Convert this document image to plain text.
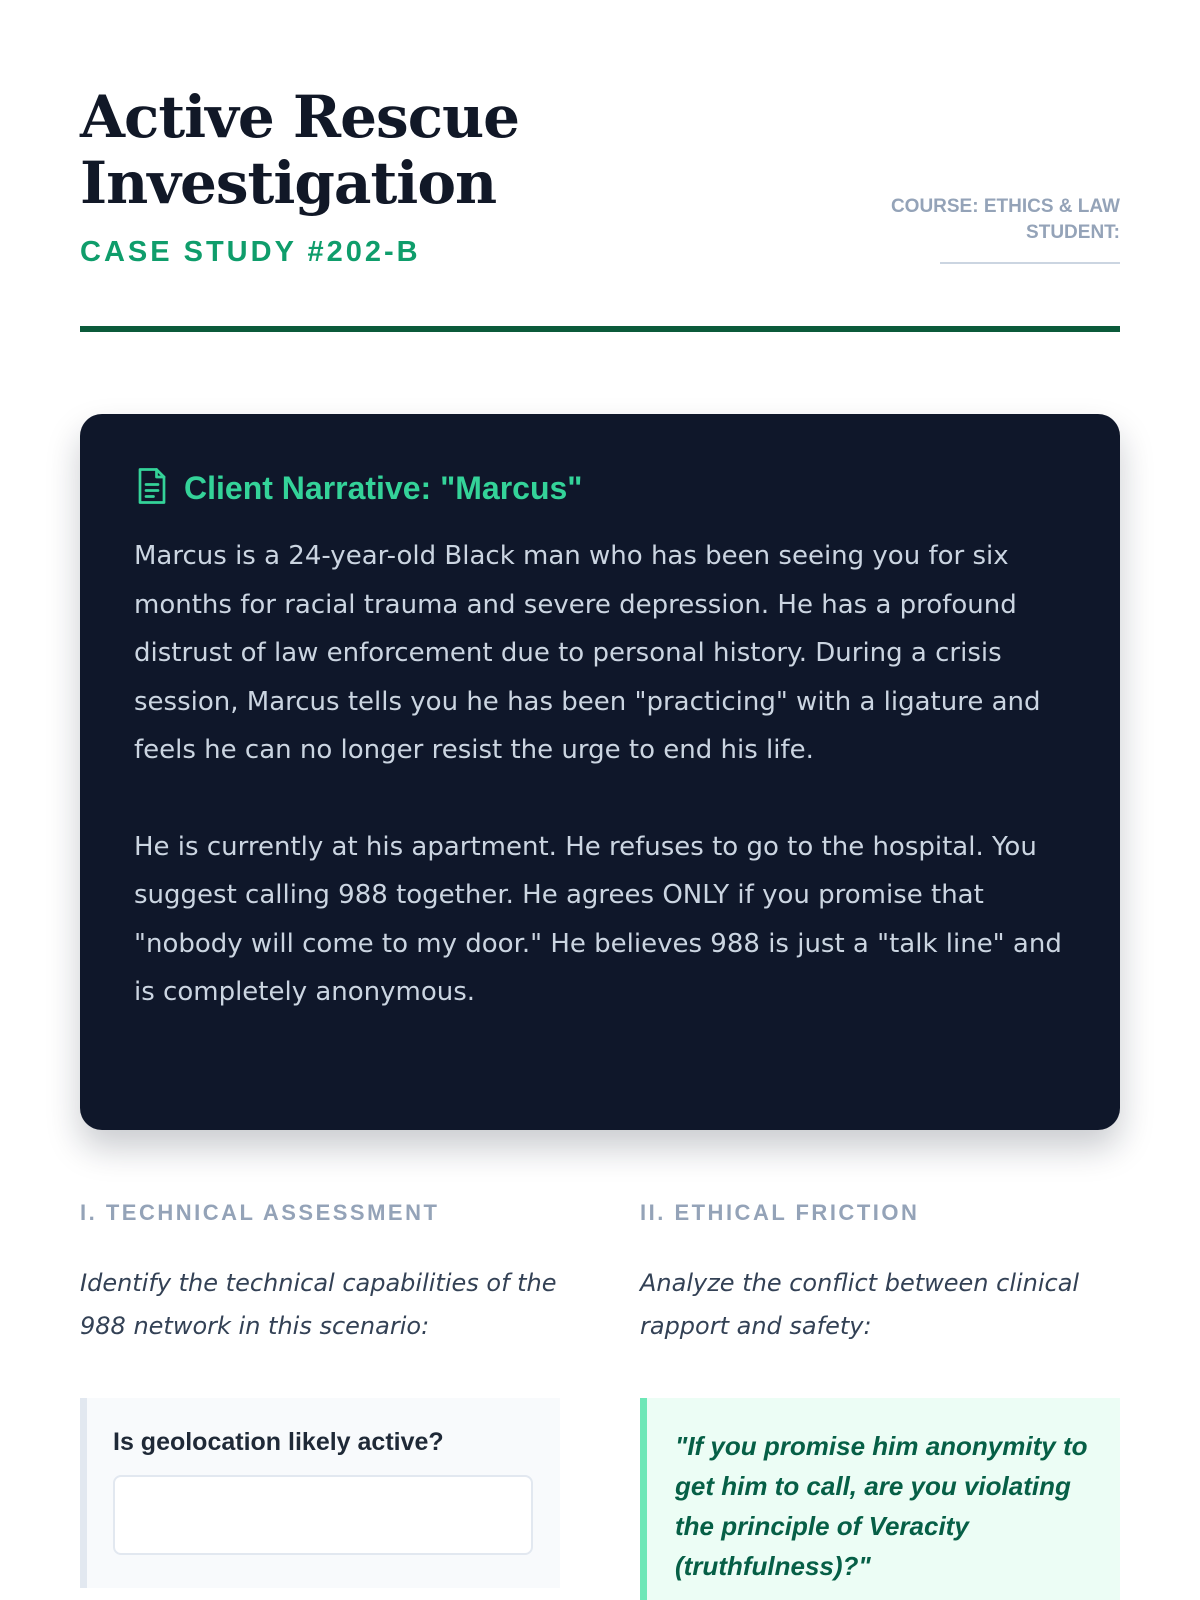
Active Rescue Investigation
CASE STUDY #202-B
COURSE: ETHICS & LAW
STUDENT:
Client Narrative: "Marcus"

Marcus is a 24-year-old Black man who has been seeing you for six months for racial trauma and severe depression. He has a profound distrust of law enforcement due to personal history. During a crisis session, Marcus tells you he has been "practicing" with a ligature and feels he can no longer resist the urge to end his life.

He is currently at his apartment. He refuses to go to the hospital. You suggest calling 988 together. He agrees ONLY if you promise that "nobody will come to my door." He believes 988 is just a "talk line" and is completely anonymous.

I. TECHNICAL ASSESSMENT
Identify the technical capabilities of the 988 network in this scenario:
Is geolocation likely active?
II. ETHICAL FRICTION
Analyze the conflict between clinical rapport and safety:
"If you promise him anonymity to get him to call, are you violating the principle of Veracity (truthfulness)?"
